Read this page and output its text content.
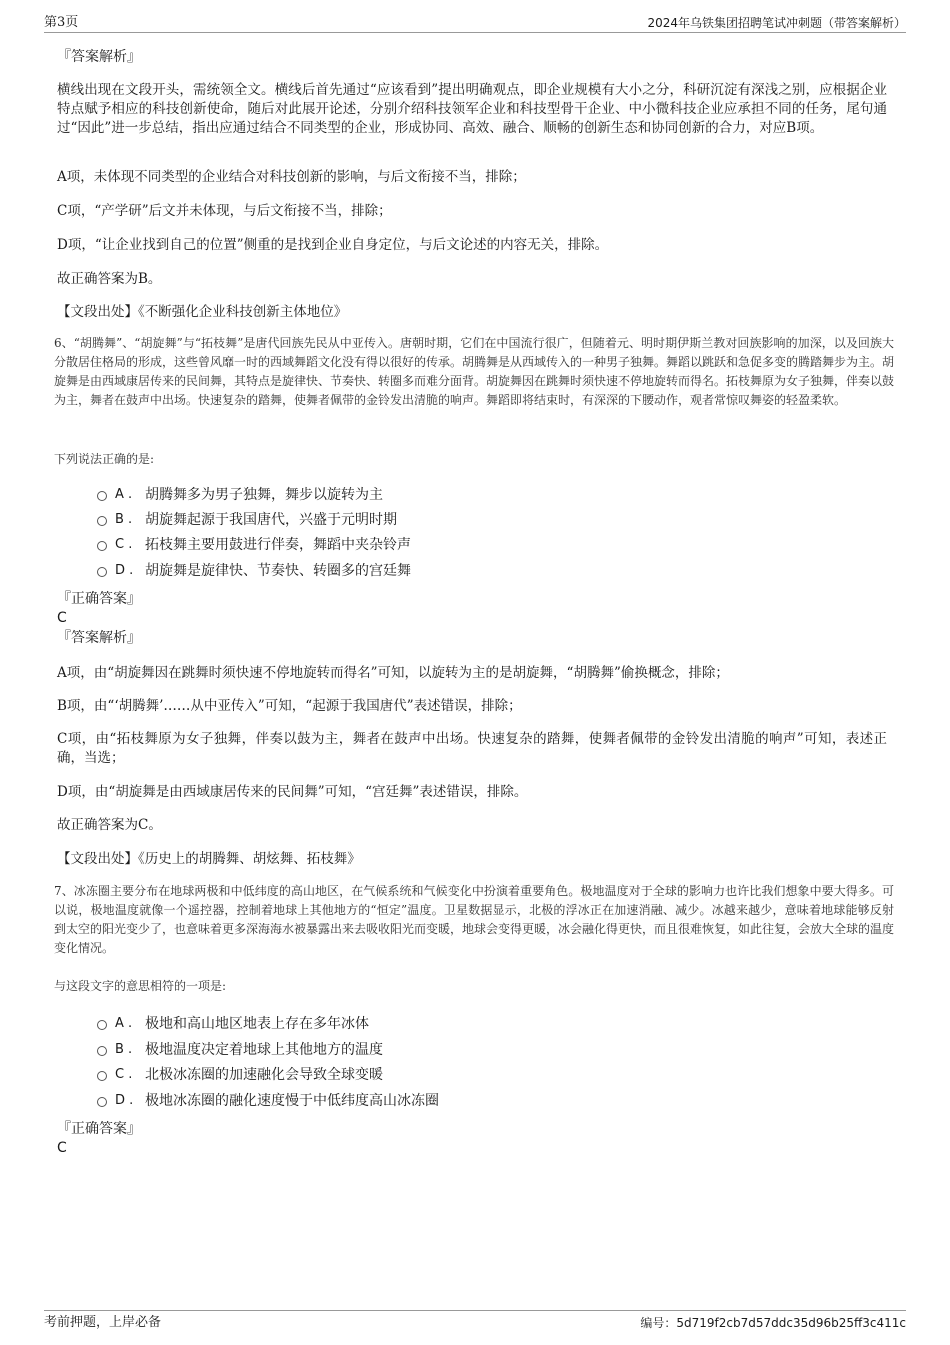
第3页	2024年乌铁集团招聘笔试冲刺题（带答案解析）
『答案解析』
横线出现在文段开头，需统领全文。横线后首先通过“应该看到”提出明确观点，即企业规模有大小之分，科研沉淀有深浅之别，应根据企业特点赋予相应的科技创新使命，随后对此展开论述，分别介绍科技领军企业和科技型骨干企业、中小微科技企业应承担不同的任务，尾句通过“因此”进一步总结，指出应通过结合不同类型的企业，形成协同、高效、融合、顺畅的创新生态和协同创新的合力，对应B项。
A项，未体现不同类型的企业结合对科技创新的影响，与后文衔接不当，排除；
C项，“产学研”后文并未体现，与后文衔接不当，排除；
D项，“让企业找到自己的位置”侧重的是找到企业自身定位，与后文论述的内容无关，排除。
故正确答案为B。
【文段出处】《不断强化企业科技创新主体地位》
6、“胡腾舞”、“胡旋舞”与“拓枝舞”是唐代回族先民从中亚传入。唐朝时期，它们在中国流行很广，但随着元、明时期伊斯兰教对回族影响的加深，以及回族大分散居住格局的形成，这些曾风靡一时的西域舞蹈文化没有得以很好的传承。胡腾舞是从西域传入的一种男子独舞。舞蹈以跳跃和急促多变的腾踏舞步为主。胡旋舞是由西域康居传来的民间舞，其特点是旋律快、节奏快、转圈多而难分面背。胡旋舞因在跳舞时须快速不停地旋转而得名。拓枝舞原为女子独舞，伴奏以鼓为主，舞者在鼓声中出场。快速复杂的踏舞，使舞者佩带的金铃发出清脆的响声。舞蹈即将结束时，有深深的下腰动作，观者常惊叹舞姿的轻盈柔软。
下列说法正确的是:
A . 胡腾舞多为男子独舞，舞步以旋转为主
B . 胡旋舞起源于我国唐代，兴盛于元明时期
C . 拓枝舞主要用鼓进行伴奏，舞蹈中夹杂铃声
D . 胡旋舞是旋律快、节奏快、转圈多的宫廷舞
『正确答案』
C
『答案解析』
A项，由“胡旋舞因在跳舞时须快速不停地旋转而得名”可知，以旋转为主的是胡旋舞，“胡腾舞”偷换概念，排除；
B项，由“‘胡腾舞’……从中亚传入”可知，“起源于我国唐代”表述错误，排除；
C项，由“拓枝舞原为女子独舞，伴奏以鼓为主，舞者在鼓声中出场。快速复杂的踏舞，使舞者佩带的金铃发出清脆的响声”可知，表述正确，当选；
D项，由“胡旋舞是由西域康居传来的民间舞”可知，“宫廷舞”表述错误，排除。
故正确答案为C。
【文段出处】《历史上的胡腾舞、胡炫舞、拓枝舞》
7、冰冻圈主要分布在地球两极和中低纬度的高山地区，在气候系统和气候变化中扮演着重要角色。极地温度对于全球的影响力也许比我们想象中要大得多。可以说，极地温度就像一个遥控器，控制着地球上其他地方的“恒定”温度。卫星数据显示，北极的浮冰正在加速消融、减少。冰越来越少，意味着地球能够反射到太空的阳光变少了，也意味着更多深海海水被暴露出来去吸收阳光而变暖，地球会变得更暖，冰会融化得更快，而且很难恢复，如此往复，会放大全球的温度变化情况。
与这段文字的意思相符的一项是:
A . 极地和高山地区地表上存在多年冰体
B . 极地温度决定着地球上其他地方的温度
C . 北极冰冻圈的加速融化会导致全球变暖
D . 极地冰冻圈的融化速度慢于中低纬度高山冰冻圈
『正确答案』
C
考前押题，上岸必备	编号：5d719f2cb7d57ddc35d96b25ff3c411c
